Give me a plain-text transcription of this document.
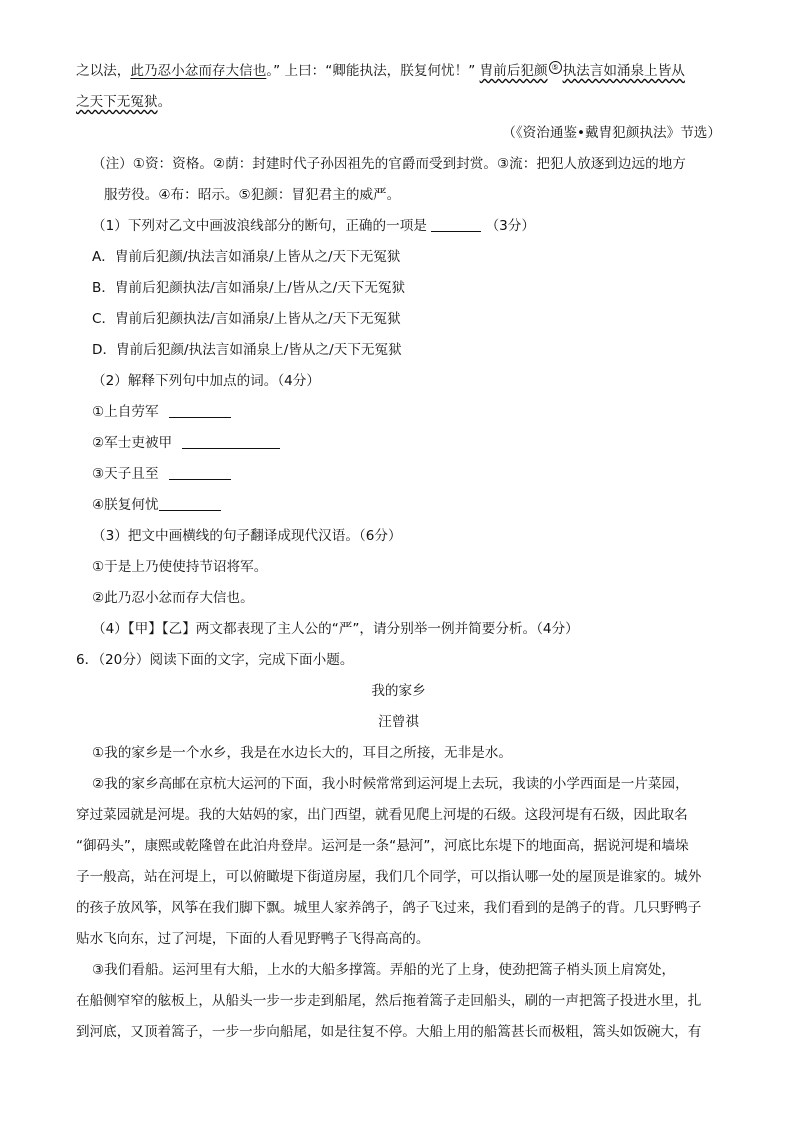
之以法，此乃忍小忿而存大信也。” 上曰：“卿能执法，朕复何忧！” 胄前后犯颜 ⑤ 执法言如涌泉上皆从
之天下无冤狱。
（《资治通鉴•戴胄犯颜执法》节选）
（注）①资：资格。②荫：封建时代子孙因祖先的官爵而受到封赏。③流：把犯人放逐到边远的地方
服劳役。④布：昭示。⑤犯颜：冒犯君主的威严。
（1）下列对乙文中画波浪线部分的断句，正确的一项是	（3分）
A．胄前后犯颜/执法言如涌泉/上皆从之/天下无冤狱
B．胄前后犯颜执法/言如涌泉/上/皆从之/天下无冤狱
C．胄前后犯颜执法/言如涌泉/上皆从之/天下无冤狱
D．胄前后犯颜/执法言如涌泉上/皆从之/天下无冤狱
（2）解释下列句中加点的词。（4分）
①上自劳军
②军士吏被甲
③天子且至
④朕复何忧
（3）把文中画横线的句子翻译成现代汉语。（6分）
①于是上乃使使持节诏将军。
②此乃忍小忿而存大信也。
（4）【甲】【乙】两文都表现了主人公的“严”，请分别举一例并简要分析。（4分）
6．（20分）阅读下面的文字，完成下面小题。
我的家乡
汪曾祺
①我的家乡是一个水乡，我是在水边长大的，耳目之所接，无非是水。
②我的家乡高邮在京杭大运河的下面，我小时候常常到运河堤上去玩，我读的小学西面是一片菜园，
穿过菜园就是河堤。我的大姑妈的家，出门西望，就看见爬上河堤的石级。这段河堤有石级，因此取名
“御码头”，康熙或乾隆曾在此泊舟登岸。运河是一条“悬河”，河底比东堤下的地面高，据说河堤和墙垛
子一般高，站在河堤上，可以俯瞰堤下街道房屋，我们几个同学，可以指认哪一处的屋顶是谁家的。城外
的孩子放风筝，风筝在我们脚下飘。城里人家养鸽子，鸽子飞过来，我们看到的是鸽子的背。几只野鸭子
贴水飞向东，过了河堤，下面的人看见野鸭子飞得高高的。
③我们看船。运河里有大船，上水的大船多撑篙。弄船的光了上身，使劲把篙子梢头顶上肩窝处，
在船侧窄窄的舷板上，从船头一步一步走到船尾，然后拖着篙子走回船头，刷的一声把篙子投进水里，扎
到河底，又顶着篙子，一步一步向船尾，如是往复不停。大船上用的船篙甚长而极粗，篙头如饭碗大，有
